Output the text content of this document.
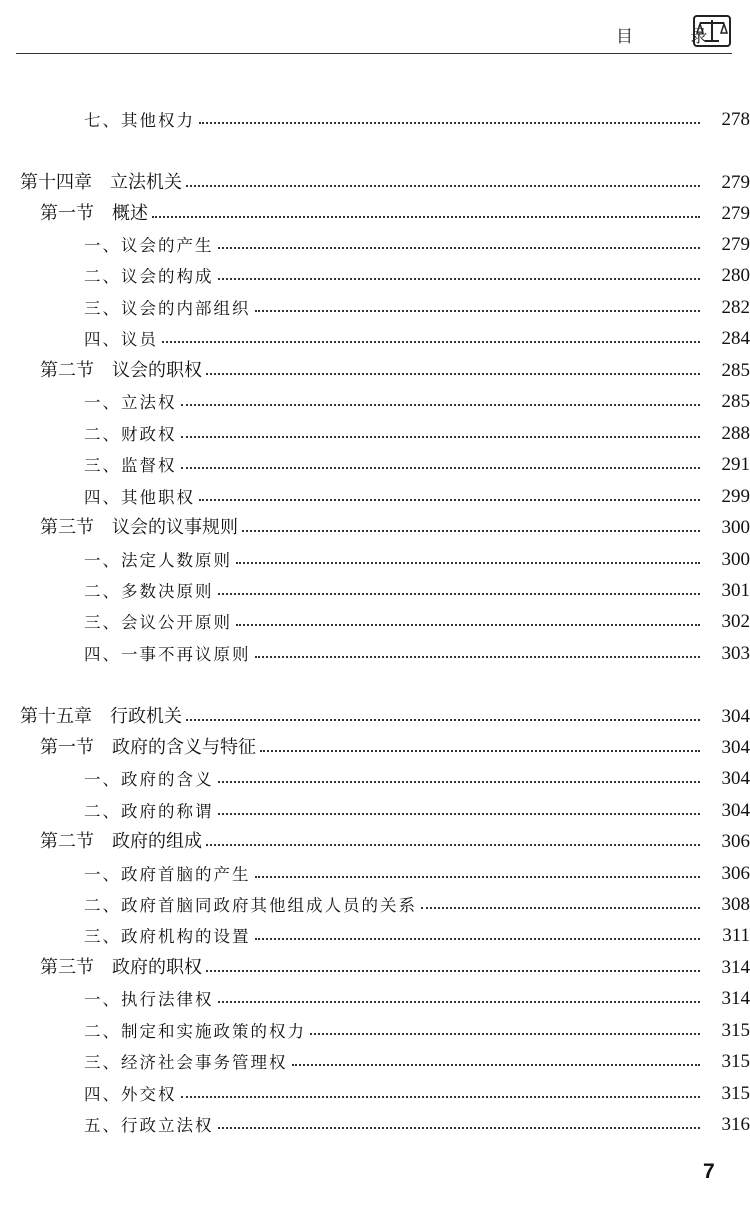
目 录
七、其他权力	278
第十四章　立法机关	279
第一节　概述	279
一、议会的产生	279
二、议会的构成	280
三、议会的内部组织	282
四、议员	284
第二节　议会的职权	285
一、立法权	285
二、财政权	288
三、监督权	291
四、其他职权	299
第三节　议会的议事规则	300
一、法定人数原则	300
二、多数决原则	301
三、会议公开原则	302
四、一事不再议原则	303
第十五章　行政机关	304
第一节　政府的含义与特征	304
一、政府的含义	304
二、政府的称谓	304
第二节　政府的组成	306
一、政府首脑的产生	306
二、政府首脑同政府其他组成人员的关系	308
三、政府机构的设置	311
第三节　政府的职权	314
一、执行法律权	314
二、制定和实施政策的权力	315
三、经济社会事务管理权	315
四、外交权	315
五、行政立法权	316
7
